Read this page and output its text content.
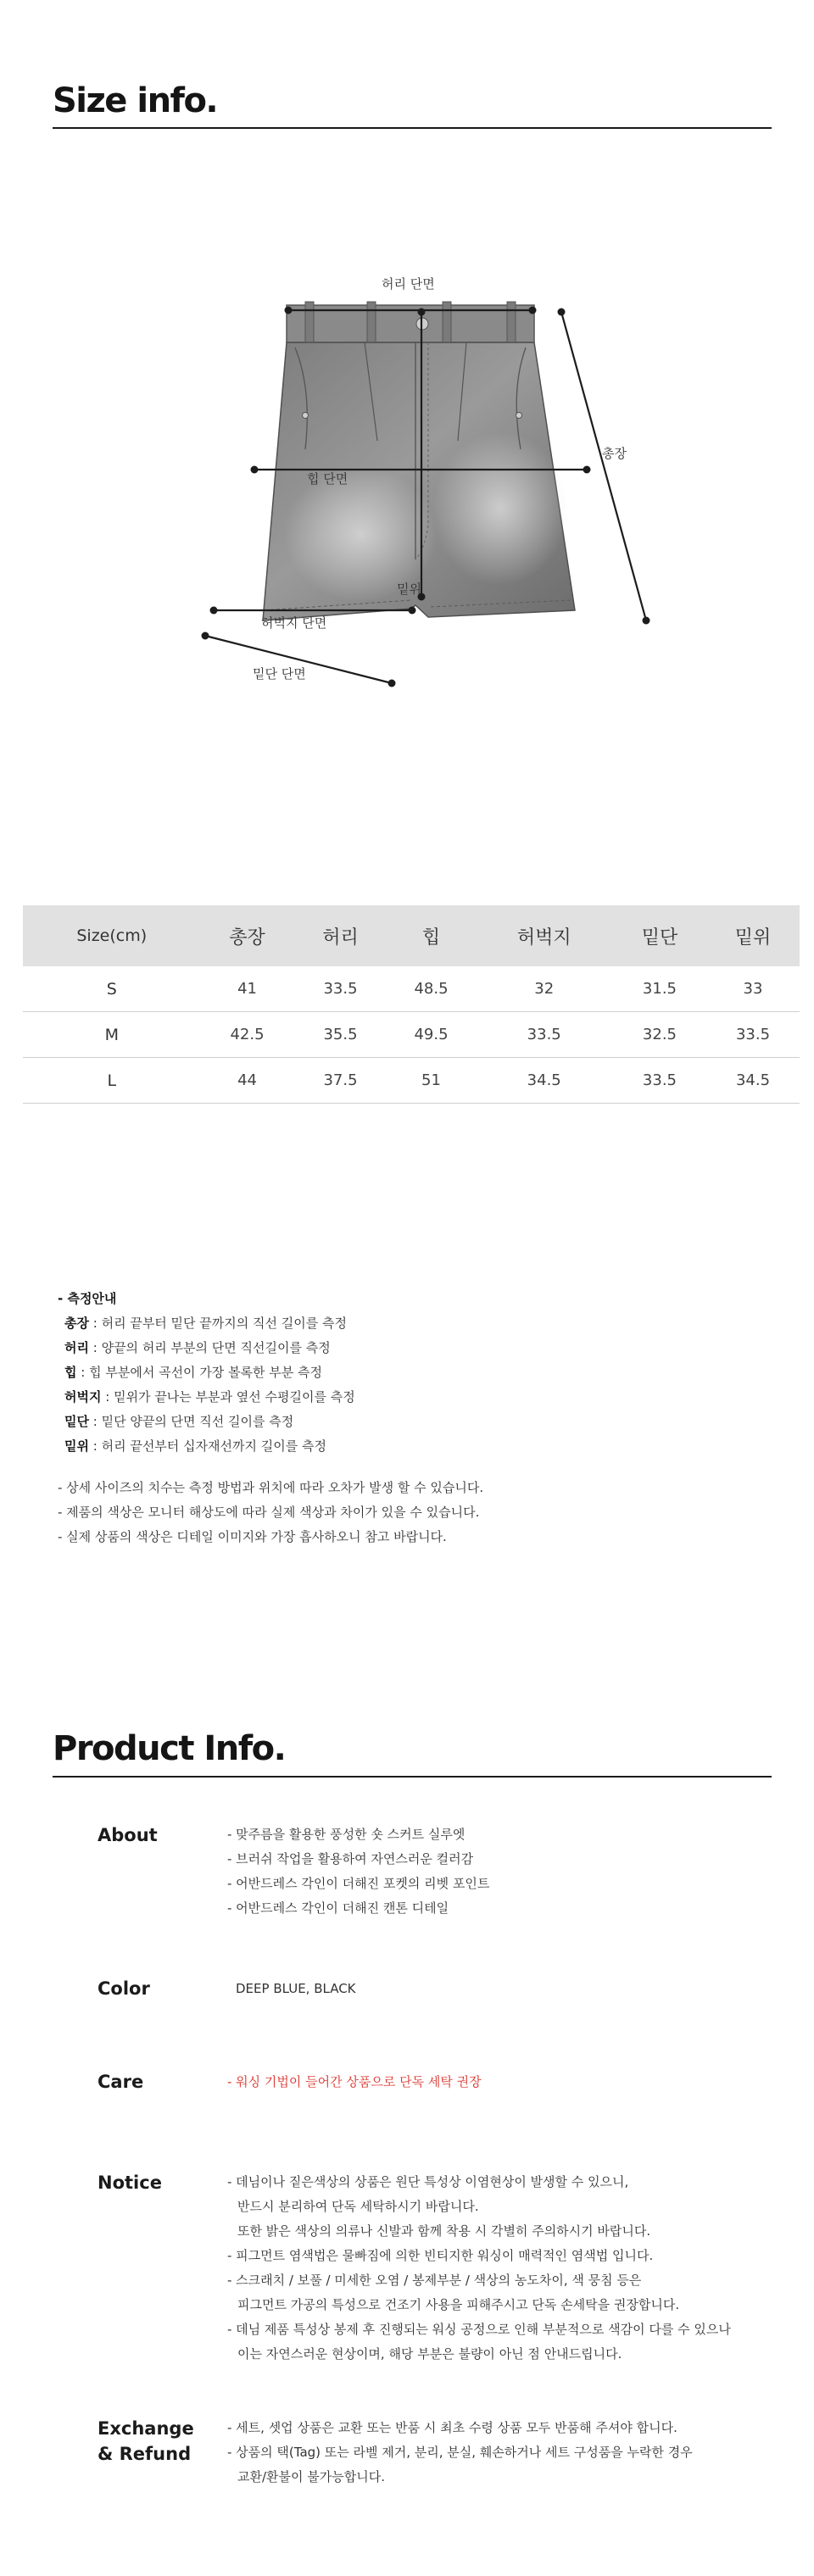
Size info.
허리 단면
총장
힙 단면
밑위
허벅지 단면
밑단 단면
Size(cm)	총장	허리	힙	허벅지	밑단	밑위
S	41	33.5	48.5	32	31.5	33
M	42.5	35.5	49.5	33.5	32.5	33.5
L	44	37.5	51	34.5	33.5	34.5
- 측정안내
총장 : 허리 끝부터 밑단 끝까지의 직선 길이를 측정
허리 : 양끝의 허리 부분의 단면 직선길이를 측정
힙 : 힙 부분에서 곡선이 가장 볼록한 부분 측정
허벅지 : 밑위가 끝나는 부분과 옆선 수평길이를 측정
밑단 : 밑단 양끝의 단면 직선 길이를 측정
밑위 : 허리 끝선부터 십자재선까지 길이를 측정
- 상세 사이즈의 치수는 측정 방법과 위치에 따라 오차가 발생 할 수 있습니다.
- 제품의 색상은 모니터 해상도에 따라 실제 색상과 차이가 있을 수 있습니다.
- 실제 상품의 색상은 디테일 이미지와 가장 흡사하오니 참고 바랍니다.
Product Info.
About	- 맞주름을 활용한 풍성한 숏 스커트 실루엣
- 브러쉬 작업을 활용하여 자연스러운 컬러감
- 어반드레스 각인이 더해진 포켓의 리벳 포인트
- 어반드레스 각인이 더해진 캔톤 디테일
Color	DEEP BLUE, BLACK
Care	- 워싱 기법이 들어간 상품으로 단독 세탁 권장
Notice	- 데님이나 짙은색상의 상품은 원단 특성상 이염현상이 발생할 수 있으니,
반드시 분리하여 단독 세탁하시기 바랍니다.
또한 밝은 색상의 의류나 신발과 함께 착용 시 각별히 주의하시기 바랍니다.
- 피그먼트 염색법은 물빠짐에 의한 빈티지한 워싱이 매력적인 염색법 입니다.
- 스크래치 / 보풀 / 미세한 오염 / 봉제부분 / 색상의 농도차이, 색 뭉침 등은
피그먼트 가공의 특성으로 건조기 사용을 피해주시고 단독 손세탁을 권장합니다.
- 데님 제품 특성상 봉제 후 진행되는 워싱 공정으로 인해 부분적으로 색감이 다를 수 있으나
이는 자연스러운 현상이며, 해당 부분은 불량이 아닌 점 안내드립니다.
Exchange
& Refund
- 세트, 셋업 상품은 교환 또는 반품 시 최초 수령 상품 모두 반품해 주셔야 합니다.
- 상품의 택(Tag) 또는 라벨 제거, 분리, 분실, 훼손하거나 세트 구성품을 누락한 경우
교환/환불이 불가능합니다.
